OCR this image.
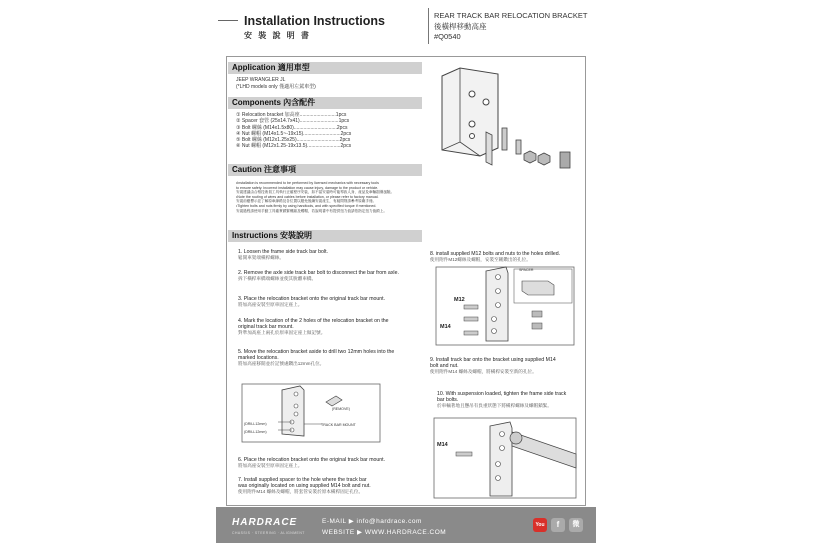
Installation Instructions
安 裝 說 明 書
REAR TRACK BAR RELOCATION BRACKET
後橫桿移動高座
#Q0540
Application 適用車型
JEEP WRANGLER JL
(*LHD models only 僅適用左駕車型)
Components 內含配件
① Relocation bracket 加高座..........................1pcs
② Spacer 套管 (25x14.7x41)............................1pcs
③ Bolt 螺絲 (M14x1.5x80)...............................2pcs
④ Nut 螺帽 (M14x1.5~-19x15)...........................2pcs
⑤ Bolt 螺絲 (M12x1.25x25)...............................2pcs
⑥ Nut 螺帽 (M12x1.25-19x13.5)........................2pcs
Caution 注意事項
•Installation is recommended to be performed by licensed mechanics with necessary tools
to ensure safety. Incorrect installation may cause injury, damage to the product or vehicle.
安裝建議由合格技術員工具執行正確程序安裝，如不當安裝時可能導致人身、產品及車輛損傷風險。
•Note the routing of wires and cables before installation, or please refer to factory manual.
安裝前應標示並了解原車線路及各位置以避免後續安裝產生，有疑問則請參考原廠手冊。
•Tighten bolts and nuts firmly by using handtools, and with specified torque if mentioned.
安裝過程請使用手動工具確實鎖緊螺絲及螺帽，若說明書中有提供扭力值請依指定扭力值鎖上。
Instructions 安裝說明
1. Loosen the frame side track bar bolt.
鬆開車架端橫桿螺絲。
2. Remove the axle side track bar bolt to disconnect the bar from axle.
拆下橫桿車橋端螺絲並使其脫離車橋。
3. Place the relocation bracket onto the original track bar mount.
將加高座安裝至原車固定座上。
4. Mark the location of the 2 holes of the relocation bracket on the
original track bar mount.
對準加高座上兩孔於原車固定座上做記號。
5. Move the relocation bracket aside to drill two 12mm holes into the
marked locations.
將加高座移開並於記號處鑽出12mm孔位。
(DRILL12mm)
(DRILL12mm)
(REMOVE)
TRACK BAR MOUNT
6. Place the relocation bracket onto the original track bar mount.
將加高座安裝至原車固定座上。
7. Install supplied spacer to the hole where the track bar
was originally located on using supplied M14 bolt and nut.
使用附件M14 螺絲及螺帽，將套管安裝於原本橫桿固定孔位。
8. install supplied M12 bolts and nuts to the holes drilled.
使用附件M12螺絲及螺帽，安裝至剛鑽出的孔位。
SPACER
M12
M14
9. Install track bar onto the bracket using supplied M14
bolt and nut.
使用附件M14 螺絲及螺帽，將橫桿安裝至新的孔位。
10. With suspension loaded, tighten the frame side track
bar bolts.
於車輛著地且懸吊有負重狀態下將橫桿螺絲及螺帽鎖緊。
M14
HARDRACE
CHASSIS · STEERING · ALIGNMENT
E-MAIL ▶ info@hardrace.com
WEBSITE ▶ WWW.HARDRACE.COM
You	f	微
